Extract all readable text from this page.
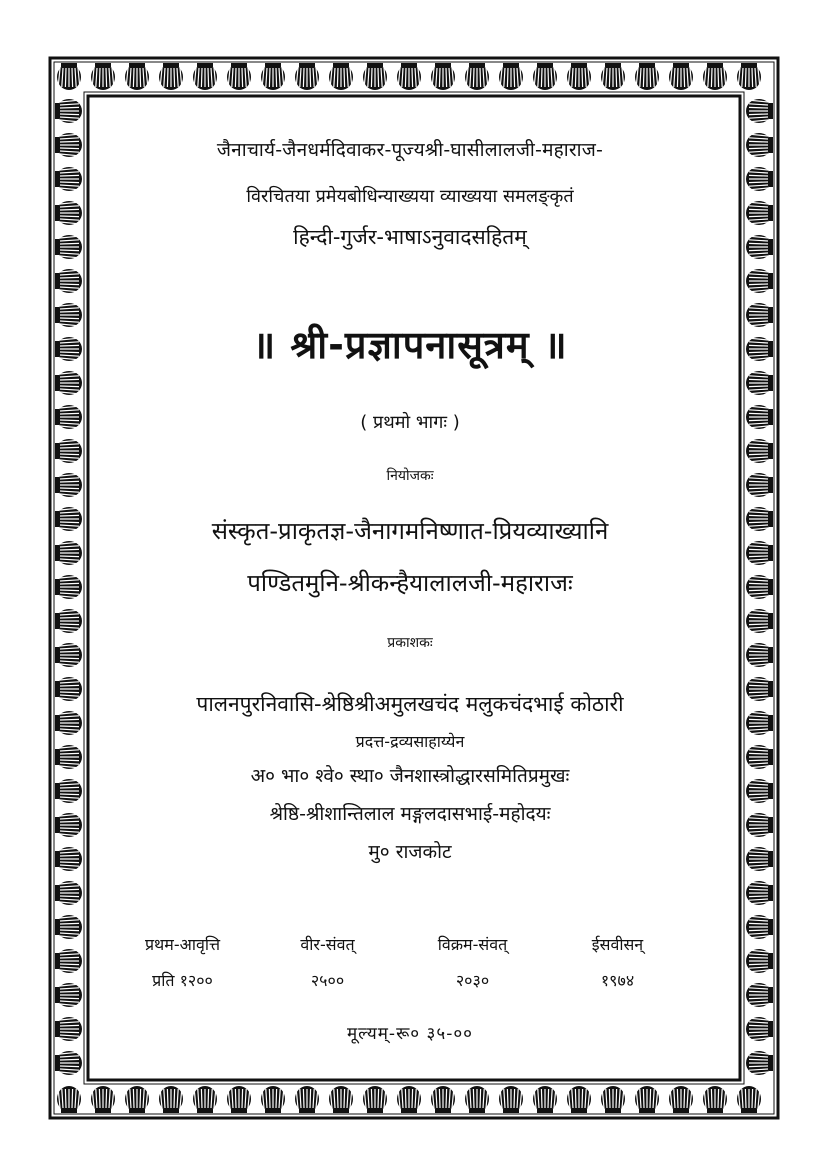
जैनाचार्य-जैनधर्मदिवाकर-पूज्यश्री-घासीलालजी-महाराज-
विरचितया प्रमेयबोधिन्याख्यया व्याख्यया समलङ्कृतं
हिन्दी-गुर्जर-भाषाऽनुवादसहितम्
॥ श्री-प्रज्ञापनासूत्रम् ॥
( प्रथमो भागः )
नियोजकः
संस्कृत-प्राकृतज्ञ-जैनागमनिष्णात-प्रियव्याख्यानि
पण्डितमुनि-श्रीकन्हैयालालजी-महाराजः
प्रकाशकः
पालनपुरनिवासि-श्रेष्ठिश्रीअमुलखचंद मलुकचंदभाई कोठारी
प्रदत्त-द्रव्यसाहाय्येन
अ० भा० श्वे० स्था० जैनशास्त्रोद्धारसमितिप्रमुखः
श्रेष्ठि-श्रीशान्तिलाल मङ्गलदासभाई-महोदयः
मु० राजकोट
प्रथम-आवृत्ति	वीर-संवत्	विक्रम-संवत्	ईसवीसन्
प्रति १२००	२५००	२०३०	१९७४
मूल्यम्-रू० ३५-००
